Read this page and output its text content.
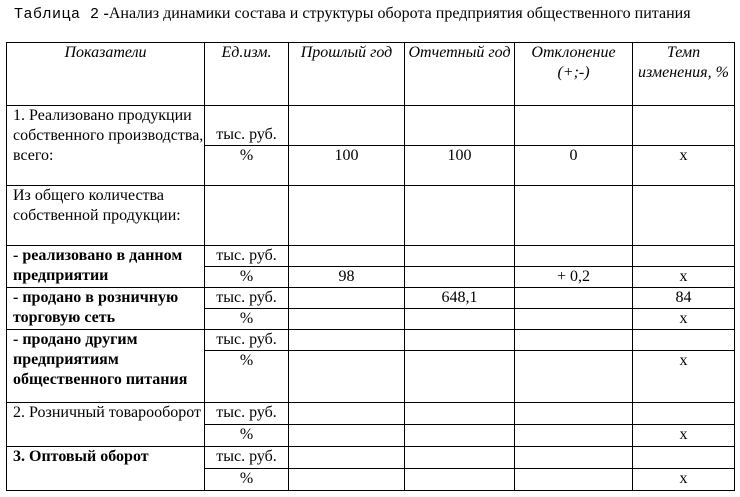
Таблица 2 -Анализ динамики состава и структуры оборота предприятия общественного питания
Показатели	Ед.изм.	Прошлый год	Отчетный год	Отклонение (+;-)	Темп изменения, %
1. Реализовано продукции собственного производства, всего:	тыс. руб.				
	%	100	100	0	х
Из общего количества собственной продукции:					
- реализовано в данном предприятии	тыс. руб.				
	%	98		+ 0,2	х
- продано в розничную торговую сеть	тыс. руб.		648,1		84
	%				х
- продано другим предприятиям общественного питания	тыс. руб.				
	%				х
2. Розничный товарооборот	тыс. руб.				
	%				х
3. Оптовый оборот	тыс. руб.				
	%				х
